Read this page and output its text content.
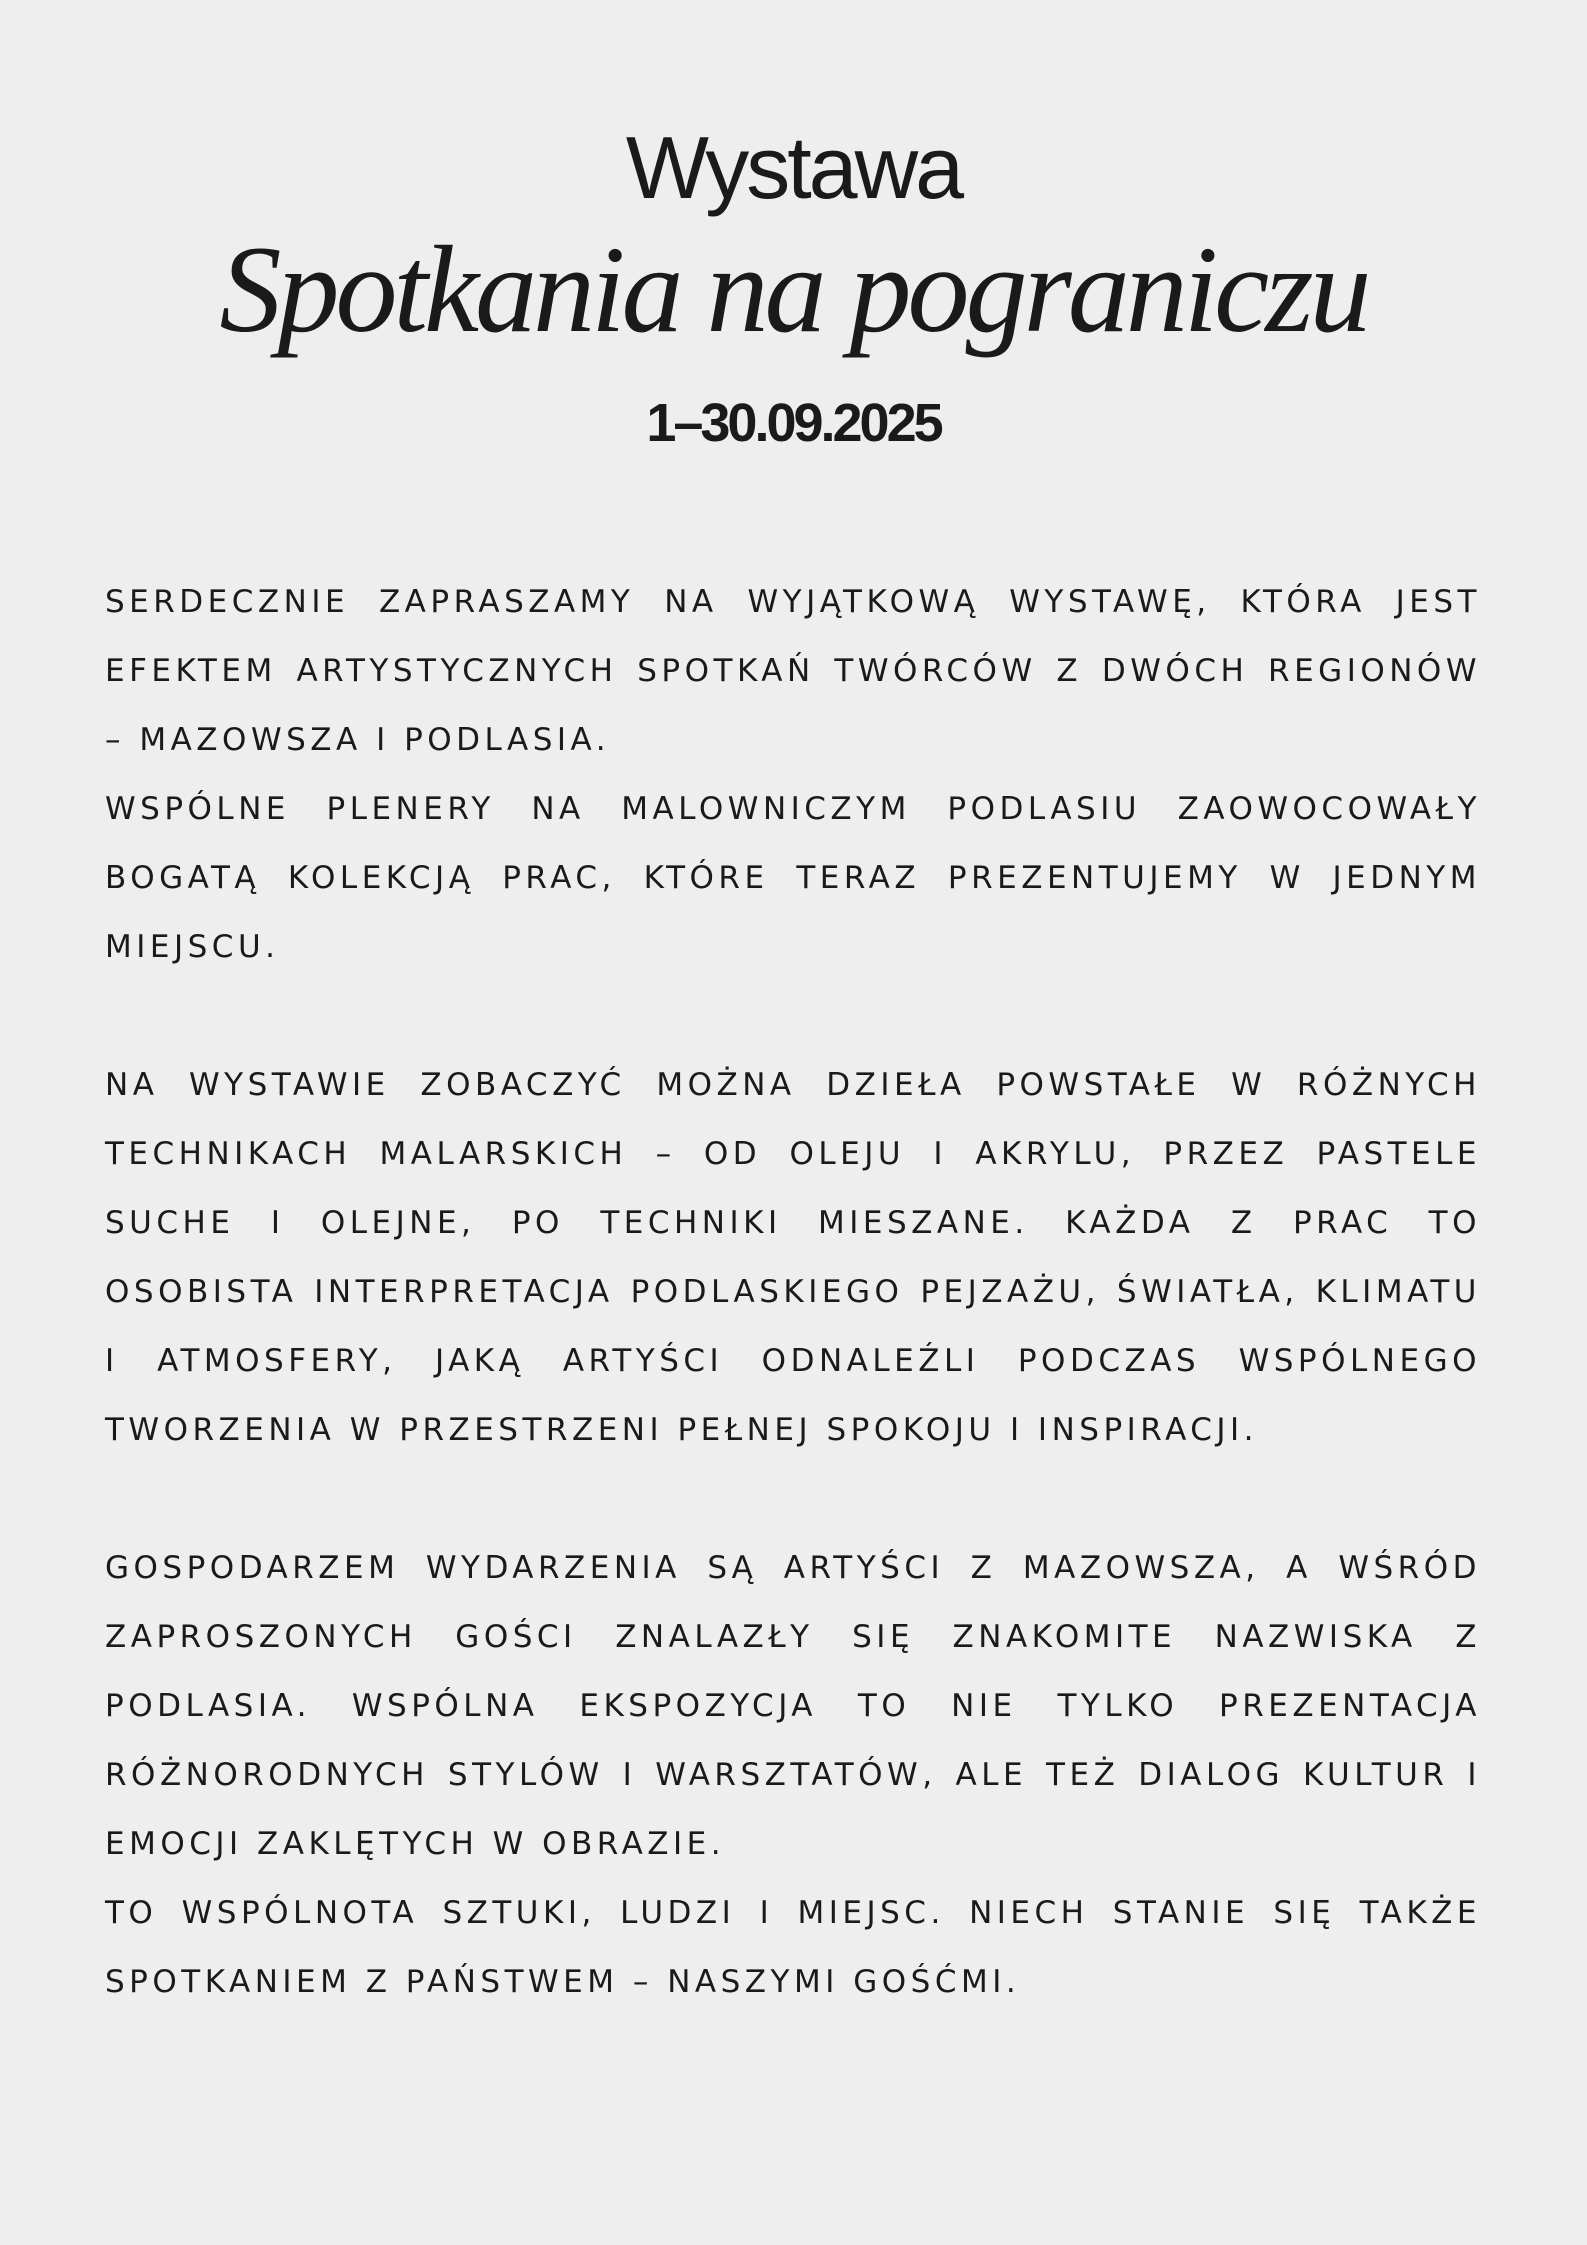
Wystawa
Spotkania na pograniczu
1–30.09.2025

SERDECZNIE ZAPRASZAMY NA WYJĄTKOWĄ WYSTAWĘ, KTÓRA JEST EFEKTEM ARTYSTYCZNYCH SPOTKAŃ TWÓRCÓW Z DWÓCH REGIONÓW – MAZOWSZA I PODLASIA.

WSPÓLNE PLENERY NA MALOWNICZYM PODLASIU ZAOWOCOWAŁY BOGATĄ KOLEKCJĄ PRAC, KTÓRE TERAZ PREZENTUJEMY W JEDNYM MIEJSCU.

NA WYSTAWIE ZOBACZYĆ MOŻNA DZIEŁA POWSTAŁE W RÓŻNYCH TECHNIKACH MALARSKICH – OD OLEJU I AKRYLU, PRZEZ PASTELE SUCHE I OLEJNE, PO TECHNIKI MIESZANE. KAŻDA Z PRAC TO OSOBISTA INTERPRETACJA PODLASKIEGO PEJZAŻU, ŚWIATŁA, KLIMATU I ATMOSFERY, JAKĄ ARTYŚCI ODNALEŹLI PODCZAS WSPÓLNEGO TWORZENIA W PRZESTRZENI PEŁNEJ SPOKOJU I INSPIRACJI.

GOSPODARZEM WYDARZENIA SĄ ARTYŚCI Z MAZOWSZA, A WŚRÓD ZAPROSZONYCH GOŚCI ZNALAZŁY SIĘ ZNAKOMITE NAZWISKA Z PODLASIA. WSPÓLNA EKSPOZYCJA TO NIE TYLKO PREZENTACJA RÓŻNORODNYCH STYLÓW I WARSZTATÓW, ALE TEŻ DIALOG KULTUR I EMOCJI ZAKLĘTYCH W OBRAZIE.

TO WSPÓLNOTA SZTUKI, LUDZI I MIEJSC. NIECH STANIE SIĘ TAKŻE SPOTKANIEM Z PAŃSTWEM – NASZYMI GOŚĆMI.
